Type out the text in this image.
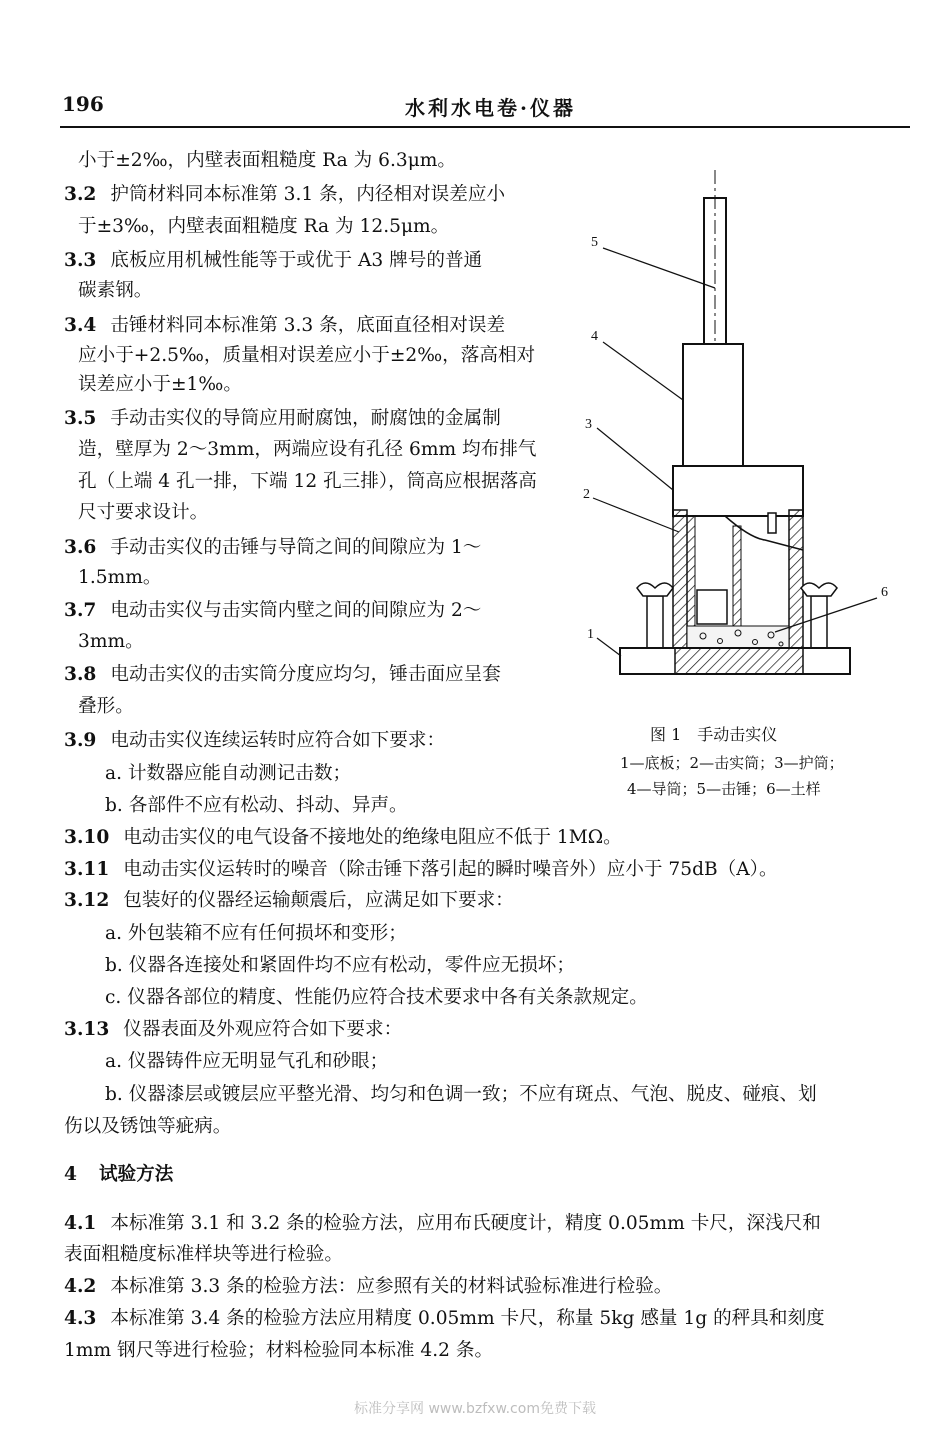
196	水利水电卷·仪器
小于±2‰，内壁表面粗糙度 Ra 为 6.3μm。
3.2 护筒材料同本标准第 3.1 条，内径相对误差应小
于±3‰，内壁表面粗糙度 Ra 为 12.5μm。
3.3 底板应用机械性能等于或优于 A3 牌号的普通
碳素钢。
3.4 击锤材料同本标准第 3.3 条，底面直径相对误差
应小于+2.5‰，质量相对误差应小于±2‰，落高相对
误差应小于±1‰。
3.5 手动击实仪的导筒应用耐腐蚀，耐腐蚀的金属制
造，壁厚为 2～3mm，两端应设有孔径 6mm 均布排气
孔（上端 4 孔一排，下端 12 孔三排），筒高应根据落高
尺寸要求设计。
3.6 手动击实仪的击锤与导筒之间的间隙应为 1～
1.5mm。
3.7 电动击实仪与击实筒内壁之间的间隙应为 2～
3mm。
3.8 电动击实仪的击实筒分度应均匀，锤击面应呈套
叠形。
3.9 电动击实仪连续运转时应符合如下要求：
a. 计数器应能自动测记击数；
b. 各部件不应有松动、抖动、异声。
3.10 电动击实仪的电气设备不接地处的绝缘电阻应不低于 1MΩ。
3.11 电动击实仪运转时的噪音（除击锤下落引起的瞬时噪音外）应小于 75dB（A）。
3.12 包装好的仪器经运输颠震后，应满足如下要求：
a. 外包装箱不应有任何损坏和变形；
b. 仪器各连接处和紧固件均不应有松动，零件应无损坏；
c. 仪器各部位的精度、性能仍应符合技术要求中各有关条款规定。
3.13 仪器表面及外观应符合如下要求：
a. 仪器铸件应无明显气孔和砂眼；
b. 仪器漆层或镀层应平整光滑、均匀和色调一致；不应有斑点、气泡、脱皮、碰痕、划
伤以及锈蚀等疵病。
4 试验方法
4.1 本标准第 3.1 和 3.2 条的检验方法，应用布氏硬度计，精度 0.05mm 卡尺，深浅尺和
表面粗糙度标准样块等进行检验。
4.2 本标准第 3.3 条的检验方法：应参照有关的材料试验标准进行检验。
4.3 本标准第 3.4 条的检验方法应用精度 0.05mm 卡尺，称量 5kg 感量 1g 的秤具和刻度
1mm 钢尺等进行检验；材料检验同本标准 4.2 条。
5
4
3
2
1
6
图 1　手动击实仪
1—底板；2—击实筒；3—护筒；
4—导筒；5—击锤；6—土样
标准分享网 www.bzfxw.com免费下载
